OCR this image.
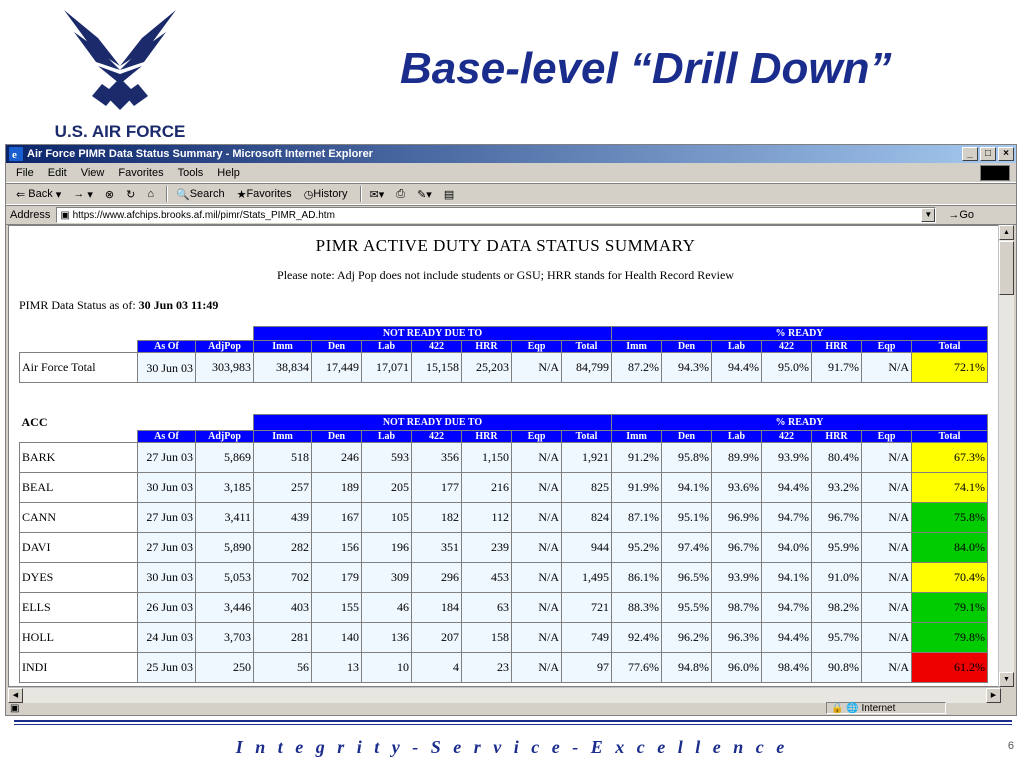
U.S. AIR FORCE
Base-level “Drill Down”
e Air Force PIMR Data Status Summary - Microsoft Internet Explorer	_	□	×
File Edit View Favorites Tools Help
⇐ Back ▾ → ▾ ⊗ ↻ ⌂ 🔍 Search ★ Favorites ◷ History ✉▾ ⎙ ✎▾ ▤
Address ▣ https://www.afchips.brooks.af.mil/pimr/Stats_PIMR_AD.htm	▼ →Go
PIMR ACTIVE DUTY DATA STATUS SUMMARY
Please note: Adj Pop does not include students or GSU; HRR stands for Health Record Review
PIMR Data Status as of: 30 Jun 03 11:49
			NOT READY DUE TO							% READY						
	As Of	AdjPop	Imm	Den	Lab	422	HRR	Eqp	Total	Imm	Den	Lab	422	HRR	Eqp	Total
Air Force Total	30 Jun 03	303,983	38,834	17,449	17,071	15,158	25,203	N/A	84,799	87.2%	94.3%	94.4%	95.0%	91.7%	N/A	72.1%
ACC			NOT READY DUE TO							% READY						
	As Of	AdjPop	Imm	Den	Lab	422	HRR	Eqp	Total	Imm	Den	Lab	422	HRR	Eqp	Total
BARK	27 Jun 03	5,869	518	246	593	356	1,150	N/A	1,921	91.2%	95.8%	89.9%	93.9%	80.4%	N/A	67.3%
BEAL	30 Jun 03	3,185	257	189	205	177	216	N/A	825	91.9%	94.1%	93.6%	94.4%	93.2%	N/A	74.1%
CANN	27 Jun 03	3,411	439	167	105	182	112	N/A	824	87.1%	95.1%	96.9%	94.7%	96.7%	N/A	75.8%
DAVI	27 Jun 03	5,890	282	156	196	351	239	N/A	944	95.2%	97.4%	96.7%	94.0%	95.9%	N/A	84.0%
DYES	30 Jun 03	5,053	702	179	309	296	453	N/A	1,495	86.1%	96.5%	93.9%	94.1%	91.0%	N/A	70.4%
ELLS	26 Jun 03	3,446	403	155	46	184	63	N/A	721	88.3%	95.5%	98.7%	94.7%	98.2%	N/A	79.1%
HOLL	24 Jun 03	3,703	281	140	136	207	158	N/A	749	92.4%	96.2%	96.3%	94.4%	95.7%	N/A	79.8%
INDI	25 Jun 03	250	56	13	10	4	23	N/A	97	77.6%	94.8%	96.0%	98.4%	90.8%	N/A	61.2%
▲
▼
◀	▶
▣	🔒 🌐 Internet
I n t e g r i t y - S e r v i c e - E x c e l l e n c e	6
